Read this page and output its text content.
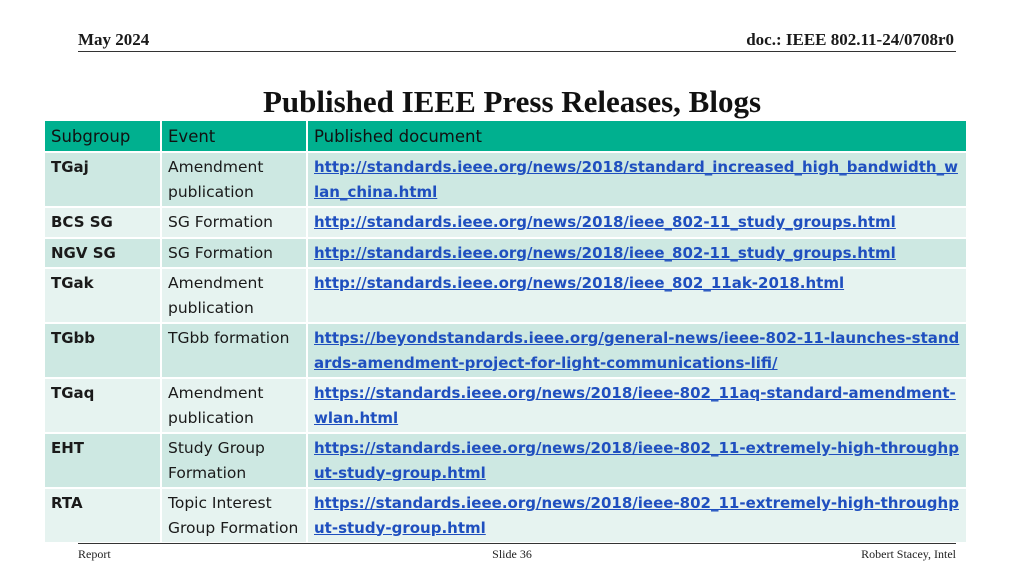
May 2024	doc.: IEEE 802.11-24/0708r0
Published IEEE Press Releases, Blogs
Subgroup	Event	Published document
TGaj	Amendment publication	http://standards.ieee.org/news/2018/standard_increased_high_bandwidth_wlan_china.html
BCS SG	SG Formation	http://standards.ieee.org/news/2018/ieee_802-11_study_groups.html
NGV SG	SG Formation	http://standards.ieee.org/news/2018/ieee_802-11_study_groups.html
TGak	Amendment publication	http://standards.ieee.org/news/2018/ieee_802_11ak-2018.html
TGbb	TGbb formation	https://beyondstandards.ieee.org/general-news/ieee-802-11-launches-standards-amendment-project-for-light-communications-lifi/
TGaq	Amendment publication	https://standards.ieee.org/news/2018/ieee-802_11aq-standard-amendment-wlan.html
EHT	Study Group Formation	https://standards.ieee.org/news/2018/ieee-802_11-extremely-high-throughput-study-group.html
RTA	Topic Interest Group Formation	https://standards.ieee.org/news/2018/ieee-802_11-extremely-high-throughput-study-group.html
Report	Slide 36	Robert Stacey, Intel
